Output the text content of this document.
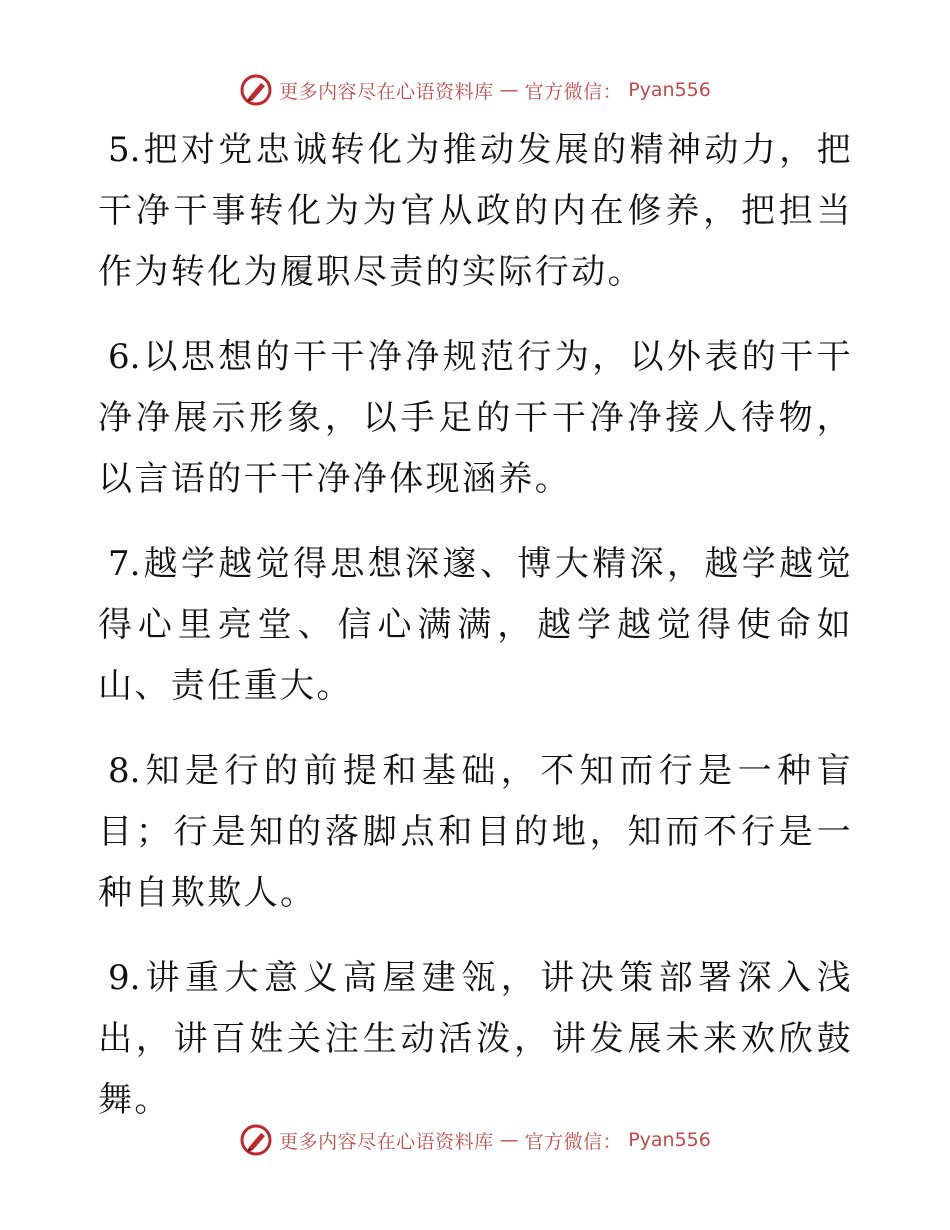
更多内容尽在心语资料库 — 官方微信： Pyan556

5.把对党忠诚转化为推动发展的精神动力，把干净干事转化为为官从政的内在修养，把担当作为转化为履职尽责的实际行动。

6.以思想的干干净净规范行为，以外表的干干净净展示形象，以手足的干干净净接人待物，以言语的干干净净体现涵养。

7.越学越觉得思想深邃、博大精深，越学越觉得心里亮堂、信心满满，越学越觉得使命如山、责任重大。

8.知是行的前提和基础，不知而行是一种盲目；行是知的落脚点和目的地，知而不行是一种自欺欺人。

9.讲重大意义高屋建瓴，讲决策部署深入浅出，讲百姓关注生动活泼，讲发展未来欢欣鼓舞。

更多内容尽在心语资料库 — 官方微信： Pyan556
